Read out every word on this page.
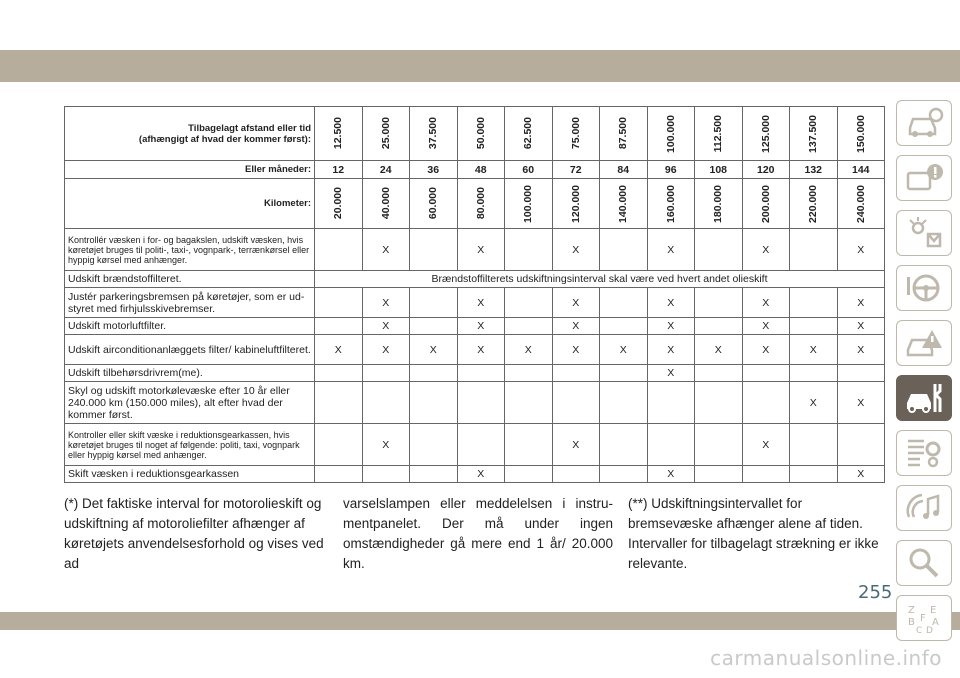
Tilbagelagt afstand eller tid
(afhængigt af hvad der kommer først):	12.500	25.000	37.500	50.000	62.500	75.000	87.500	100.000	112.500	125.000	137.500	150.000

Eller måneder:	12	24	36	48	60	72	84	96	108	120	132	144
Kilometer:	20.000	40.000	60.000	80.000	100.000	120.000	140.000	160.000	180.000	200.000	220.000	240.000

Kontrollér væsken i for- og bagakslen, udskift væsken, hvis køretøjet bruges til politi-, taxi-, vognpark-, terrænkørsel eller hyppig kørsel med anhænger.		X		X		X		X		X		X
Udskift brændstoffilteret.	Brændstoffilterets udskiftningsinterval skal være ved hvert andet olieskift											
Justér parkeringsbremsen på køretøjer, som er udstyret med firhjulsskivebremser.		X		X		X		X		X		X
Udskift motorluftfilter.		X		X		X		X		X		X
Udskift airconditionanlæggets filter/ kabineluftfilteret.	X	X	X	X	X	X	X	X	X	X	X	X
Udskift tilbehørsdrivrem(me).								X				
Skyl og udskift motorkølevæske efter 10 år eller 240.000 km (150.000 miles), alt efter hvad der kommer først.											X	X
Kontroller eller skift væske i reduktionsgearkassen, hvis køretøjet bruges til noget af følgende: politi, taxi, vognpark eller hyppig kørsel med anhænger.		X				X				X		
Skift væsken i reduktionsgearkassen				X				X				X
(*) Det faktiske interval for motorolieskift og udskiftning af motoroliefilter afhænger af køretøjets anvendelsesforhold og vises ved ad
varselslampen eller meddelelsen i instrumentpanelet. Der må under ingen omstændigheder gå mere end 1 år/ 20.000 km.
(**) Udskiftningsintervallet for bremsevæske afhænger alene af tiden. Intervaller for tilbagelagt strækning er ikke relevante.
255
carmanualsonline.info
Z E
B F A
C D
